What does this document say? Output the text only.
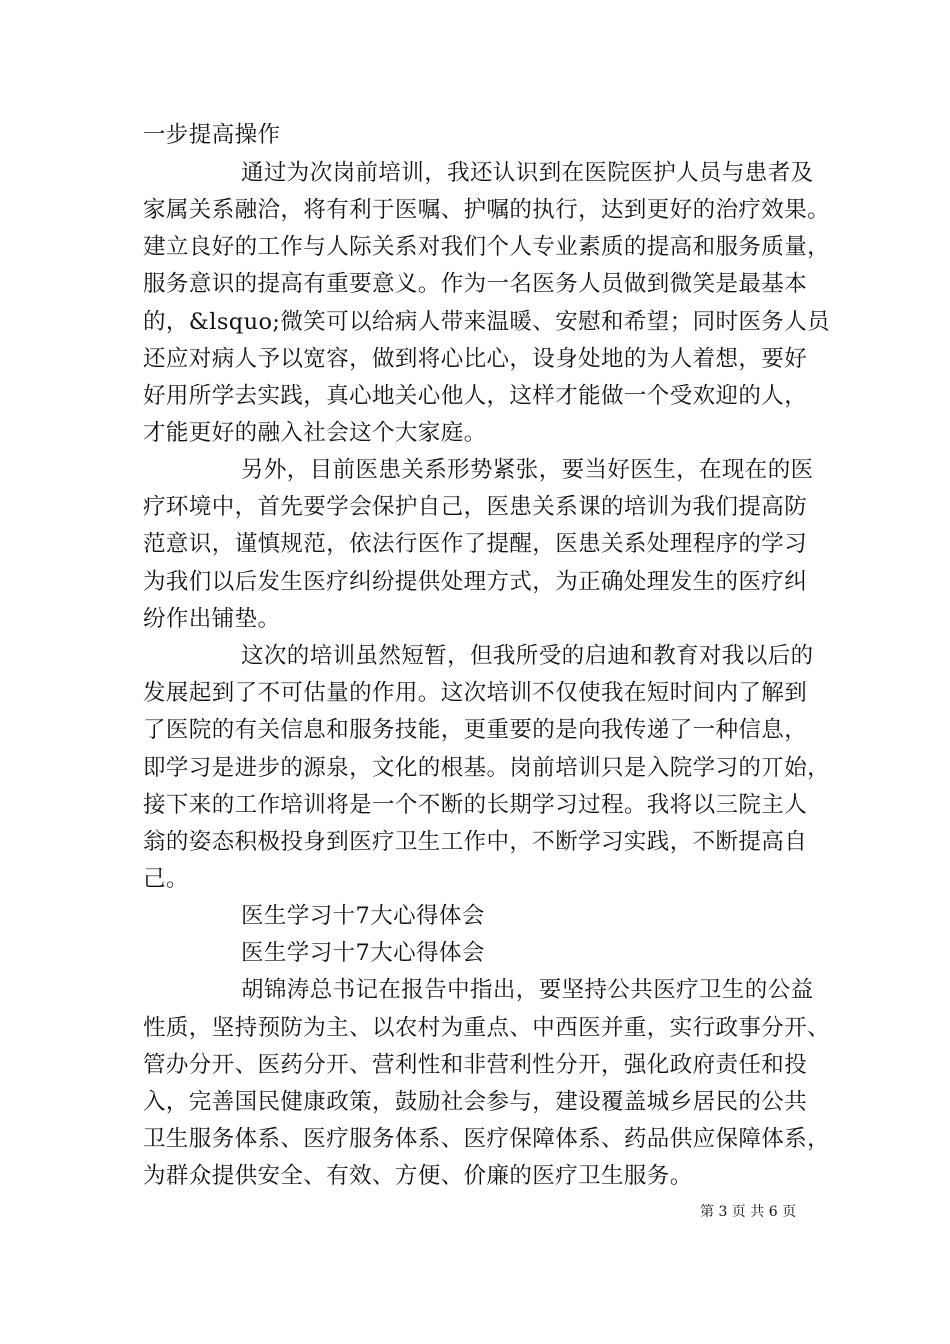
一步提高操作
通过为次岗前培训，我还认识到在医院医护人员与患者及
家属关系融洽，将有利于医嘱、护嘱的执行，达到更好的治疗效果。
建立良好的工作与人际关系对我们个人专业素质的提高和服务质量，
服务意识的提高有重要意义。作为一名医务人员做到微笑是最基本
的，&lsquo;微笑可以给病人带来温暖、安慰和希望；同时医务人员
还应对病人予以宽容，做到将心比心，设身处地的为人着想，要好
好用所学去实践，真心地关心他人，这样才能做一个受欢迎的人，
才能更好的融入社会这个大家庭。
另外，目前医患关系形势紧张，要当好医生，在现在的医
疗环境中，首先要学会保护自己，医患关系课的培训为我们提高防
范意识，谨慎规范，依法行医作了提醒，医患关系处理程序的学习
为我们以后发生医疗纠纷提供处理方式，为正确处理发生的医疗纠
纷作出铺垫。
这次的培训虽然短暂，但我所受的启迪和教育对我以后的
发展起到了不可估量的作用。这次培训不仅使我在短时间内了解到
了医院的有关信息和服务技能，更重要的是向我传递了一种信息，
即学习是进步的源泉，文化的根基。岗前培训只是入院学习的丌始，
接下来的工作培训将是一个不断的长期学习过程。我将以三院主人
翁的姿态积极投身到医疗卫生工作中，不断学习实践，不断提高自
己。
医生学习十7大心得体会
医生学习十7大心得体会
胡锦涛总书记在报告中指出，要坚持公共医疗卫生的公益
性质，坚持预防为主、以农村为重点、中西医并重，实行政事分开、
管办分开、医药分开、营利性和非营利性分开，强化政府责任和投
入，完善国民健康政策，鼓励社会参与，建设覆盖城乡居民的公共
卫生服务体系、医疗服务体系、医疗保障体系、药品供应保障体系，
为群众提供安全、有效、方便、价廉的医疗卫生服务。
第 3 页 共 6 页
